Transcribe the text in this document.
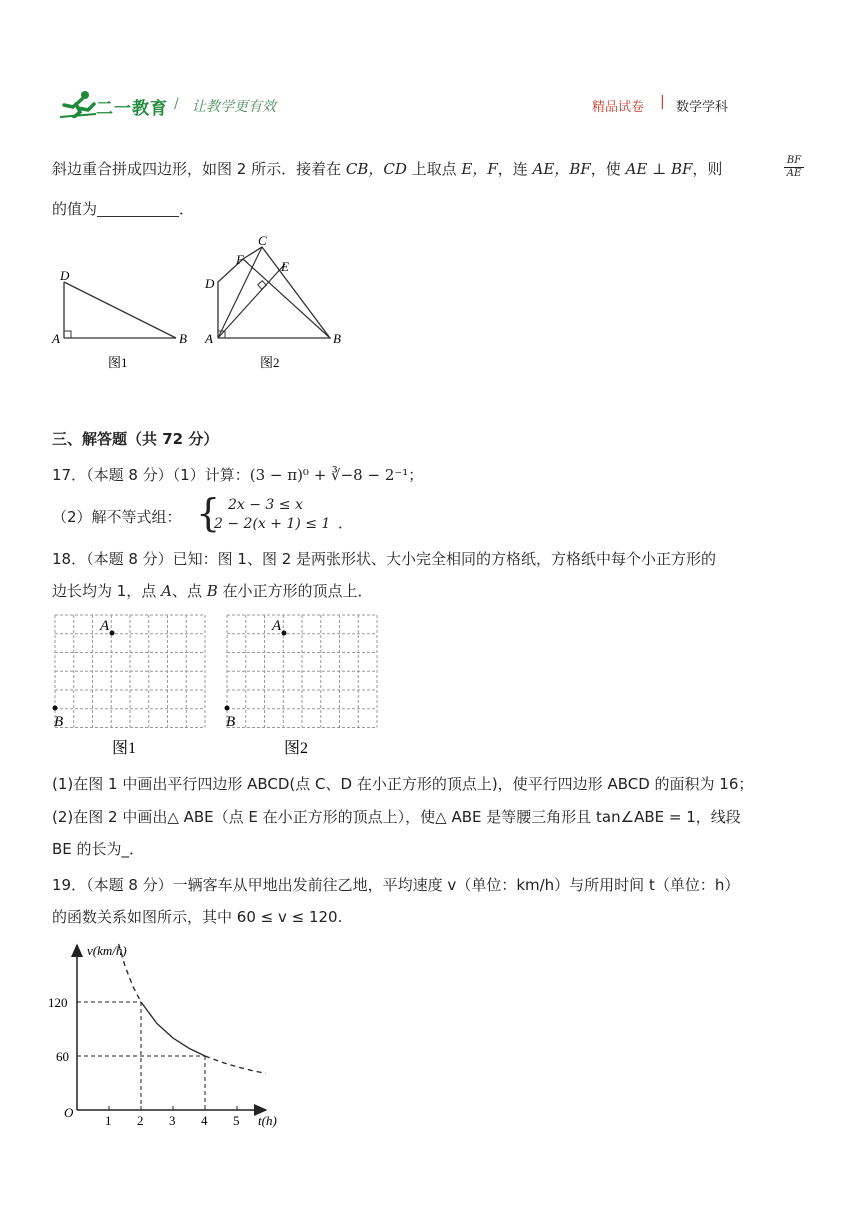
二一教育 / 让教学更有效	精品试卷 | 数学学科
斜边重合拼成四边形，如图 2 所示．接着在 CB，CD 上取点 E，F，连 AE，BF，使 AE ⊥ BF，则	$\frac{BF}{AE}$
的值为	．
D
A	B
图1
C
F	E
D
A	B
图2
三、解答题（共 72 分）
17．（本题 8 分）（1）计算：(3 − π)⁰ + ∛−8 − 2⁻¹；
（2）解不等式组： { 2x − 3 ≤ x
2 − 2(x + 1) ≤ 1 ．
18．（本题 8 分）已知：图 1、图 2 是两张形状、大小完全相同的方格纸，方格纸中每个小正方形的
边长均为 1，点 A、点 B 在小正方形的顶点上．
A
B
A
B
图1	图2
(1)在图 1 中画出平行四边形 ABCD(点 C、D 在小正方形的顶点上)，使平行四边形 ABCD 的面积为 16；
(2)在图 2 中画出△ ABE（点 E 在小正方形的顶点上），使△ ABE 是等腰三角形且 tan∠ABE = 1，线段
BE 的长为_．
19．（本题 8 分）一辆客车从甲地出发前往乙地，平均速度 v（单位：km/h）与所用时间 t（单位：h）
的函数关系如图所示，其中 60 ≤ v ≤ 120.
v(km/h)
t(h)
O
1 2 3 4 5
60
120
